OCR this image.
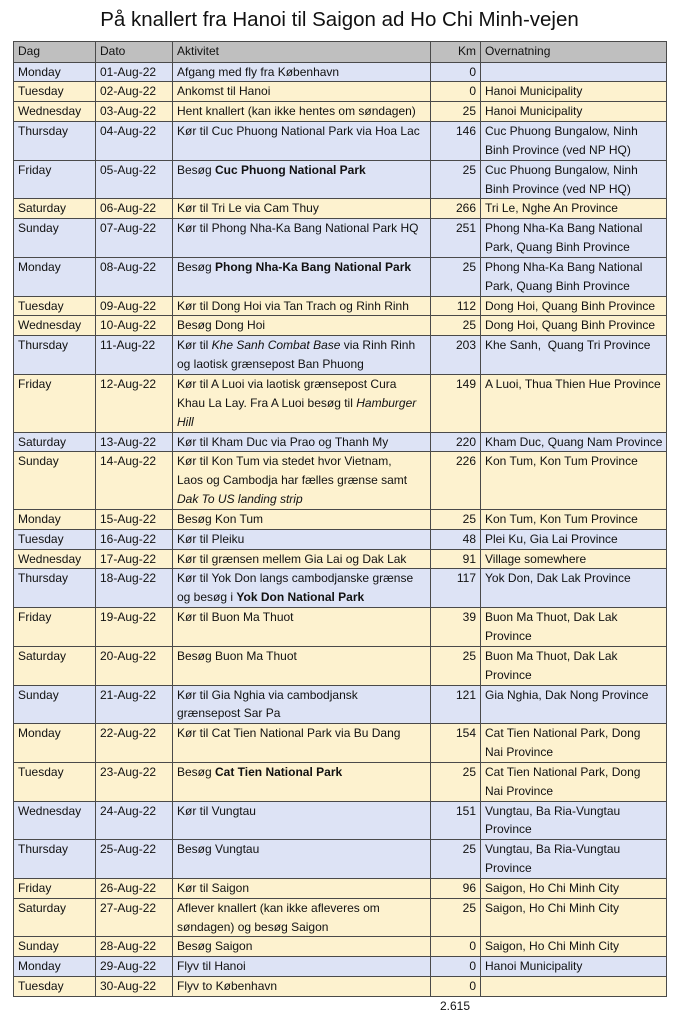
På knallert fra Hanoi til Saigon ad Ho Chi Minh-vejen
Dag	Dato	Aktivitet	Km	Overnatning
Monday	01-Aug-22	Afgang med fly fra København	0	
Tuesday	02-Aug-22	Ankomst til Hanoi	0	Hanoi Municipality
Wednesday	03-Aug-22	Hent knallert (kan ikke hentes om søndagen)	25	Hanoi Municipality
Thursday	04-Aug-22	Kør til Cuc Phuong National Park via Hoa Lac	146	Cuc Phuong Bungalow, Ninh
Binh Province (ved NP HQ)
Friday	05-Aug-22	Besøg Cuc Phuong National Park	25	Cuc Phuong Bungalow, Ninh
Binh Province (ved NP HQ)
Saturday	06-Aug-22	Kør til Tri Le via Cam Thuy	266	Tri Le, Nghe An Province
Sunday	07-Aug-22	Kør til Phong Nha-Ka Bang National Park HQ	251	Phong Nha-Ka Bang National
Park, Quang Binh Province
Monday	08-Aug-22	Besøg Phong Nha-Ka Bang National Park	25	Phong Nha-Ka Bang National
Park, Quang Binh Province
Tuesday	09-Aug-22	Kør til Dong Hoi via Tan Trach og Rinh Rinh	112	Dong Hoi, Quang Binh Province
Wednesday	10-Aug-22	Besøg Dong Hoi	25	Dong Hoi, Quang Binh Province
Thursday	11-Aug-22	Kør til Khe Sanh Combat Base via Rinh Rinh
og laotisk grænsepost Ban Phuong	203	Khe Sanh,  Quang Tri Province
Friday	12-Aug-22	Kør til A Luoi via laotisk grænsepost Cura
Khau La Lay. Fra A Luoi besøg til Hamburger
Hill	149	A Luoi, Thua Thien Hue Province
Saturday	13-Aug-22	Kør til Kham Duc via Prao og Thanh My	220	Kham Duc, Quang Nam Province
Sunday	14-Aug-22	Kør til Kon Tum via stedet hvor Vietnam,
Laos og Cambodja har fælles grænse samt
Dak To US landing strip	226	Kon Tum, Kon Tum Province
Monday	15-Aug-22	Besøg Kon Tum	25	Kon Tum, Kon Tum Province
Tuesday	16-Aug-22	Kør til Pleiku	48	Plei Ku, Gia Lai Province
Wednesday	17-Aug-22	Kør til grænsen mellem Gia Lai og Dak Lak	91	Village somewhere
Thursday	18-Aug-22	Kør til Yok Don langs cambodjanske grænse
og besøg i Yok Don National Park	117	Yok Don, Dak Lak Province
Friday	19-Aug-22	Kør til Buon Ma Thuot	39	Buon Ma Thuot, Dak Lak
Province
Saturday	20-Aug-22	Besøg Buon Ma Thuot	25	Buon Ma Thuot, Dak Lak
Province
Sunday	21-Aug-22	Kør til Gia Nghia via cambodjansk
grænsepost Sar Pa	121	Gia Nghia, Dak Nong Province
Monday	22-Aug-22	Kør til Cat Tien National Park via Bu Dang	154	Cat Tien National Park, Dong
Nai Province
Tuesday	23-Aug-22	Besøg Cat Tien National Park	25	Cat Tien National Park, Dong
Nai Province
Wednesday	24-Aug-22	Kør til Vungtau	151	Vungtau, Ba Ria-Vungtau
Province
Thursday	25-Aug-22	Besøg Vungtau	25	Vungtau, Ba Ria-Vungtau
Province
Friday	26-Aug-22	Kør til Saigon	96	Saigon, Ho Chi Minh City
Saturday	27-Aug-22	Aflever knallert (kan ikke afleveres om
søndagen) og besøg Saigon	25	Saigon, Ho Chi Minh City
Sunday	28-Aug-22	Besøg Saigon	0	Saigon, Ho Chi Minh City
Monday	29-Aug-22	Flyv til Hanoi	0	Hanoi Municipality
Tuesday	30-Aug-22	Flyv to København	0	
2.615
